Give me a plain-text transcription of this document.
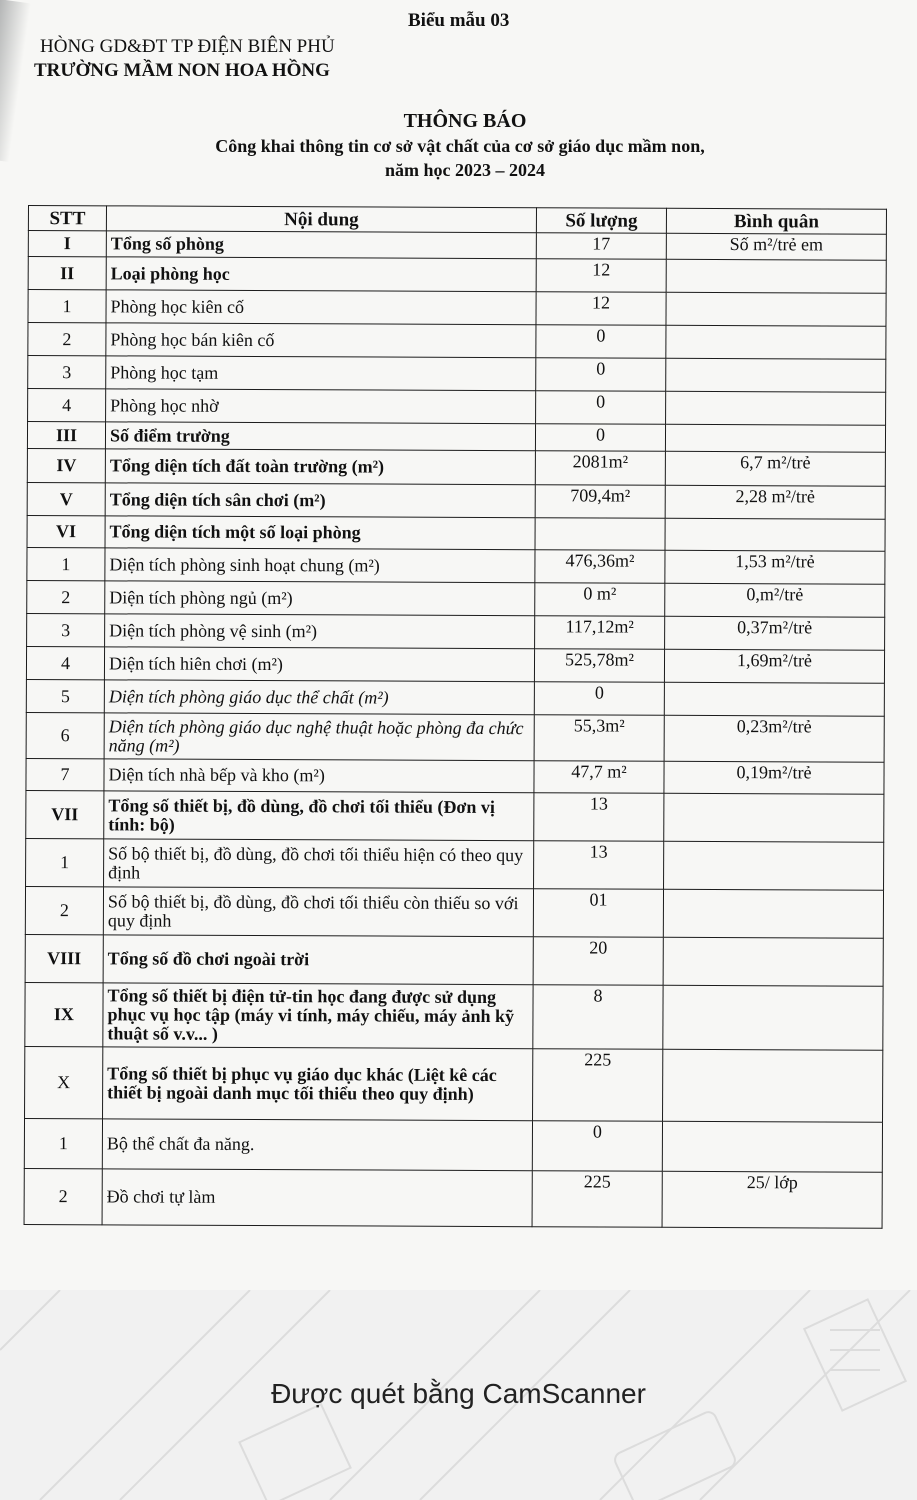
Biểu mẫu 03
HÒNG GD&ĐT TP ĐIỆN BIÊN PHỦ
TRƯỜNG MẦM NON HOA HỒNG
THÔNG BÁO
Công khai thông tin cơ sở vật chất của cơ sở giáo dục mầm non,
năm học 2023 – 2024
STT	Nội dung	Số lượng	Bình quân
I	Tổng số phòng	17	Số m²/trẻ em
II	Loại phòng học	12	
1	Phòng học kiên cố	12	
2	Phòng học bán kiên cố	0	
3	Phòng học tạm	0	
4	Phòng học nhờ	0	
III	Số điểm trường	0	
IV	Tổng diện tích đất toàn trường (m²)	2081m²	6,7 m²/trẻ
V	Tổng diện tích sân chơi (m²)	709,4m²	2,28 m²/trẻ
VI	Tổng diện tích một số loại phòng		
1	Diện tích phòng sinh hoạt chung (m²)	476,36m²	1,53 m²/trẻ
2	Diện tích phòng ngủ (m²)	0 m²	0,m²/trẻ
3	Diện tích phòng vệ sinh (m²)	117,12m²	0,37m²/trẻ
4	Diện tích hiên chơi (m²)	525,78m²	1,69m²/trẻ
5	Diện tích phòng giáo dục thể chất (m²)	0	
6	Diện tích phòng giáo dục nghệ thuật hoặc phòng đa chức năng (m²)	55,3m²	0,23m²/trẻ
7	Diện tích nhà bếp và kho (m²)	47,7 m²	0,19m²/trẻ
VII	Tổng số thiết bị, đồ dùng, đồ chơi tối thiểu (Đơn vị tính: bộ)	13	
1	Số bộ thiết bị, đồ dùng, đồ chơi tối thiểu hiện có theo quy định	13	
2	Số bộ thiết bị, đồ dùng, đồ chơi tối thiểu còn thiếu so với quy định	01	
VIII	Tổng số đồ chơi ngoài trời	20	
IX	Tổng số thiết bị điện tử-tin học đang được sử dụng phục vụ học tập (máy vi tính, máy chiếu, máy ảnh kỹ thuật số v.v... )	8	
X	Tổng số thiết bị phục vụ giáo dục khác (Liệt kê các thiết bị ngoài danh mục tối thiểu theo quy định)	225	
1	Bộ thể chất đa năng.	0	
2	Đồ chơi tự làm	225	25/ lớp
Được quét bằng CamScanner
